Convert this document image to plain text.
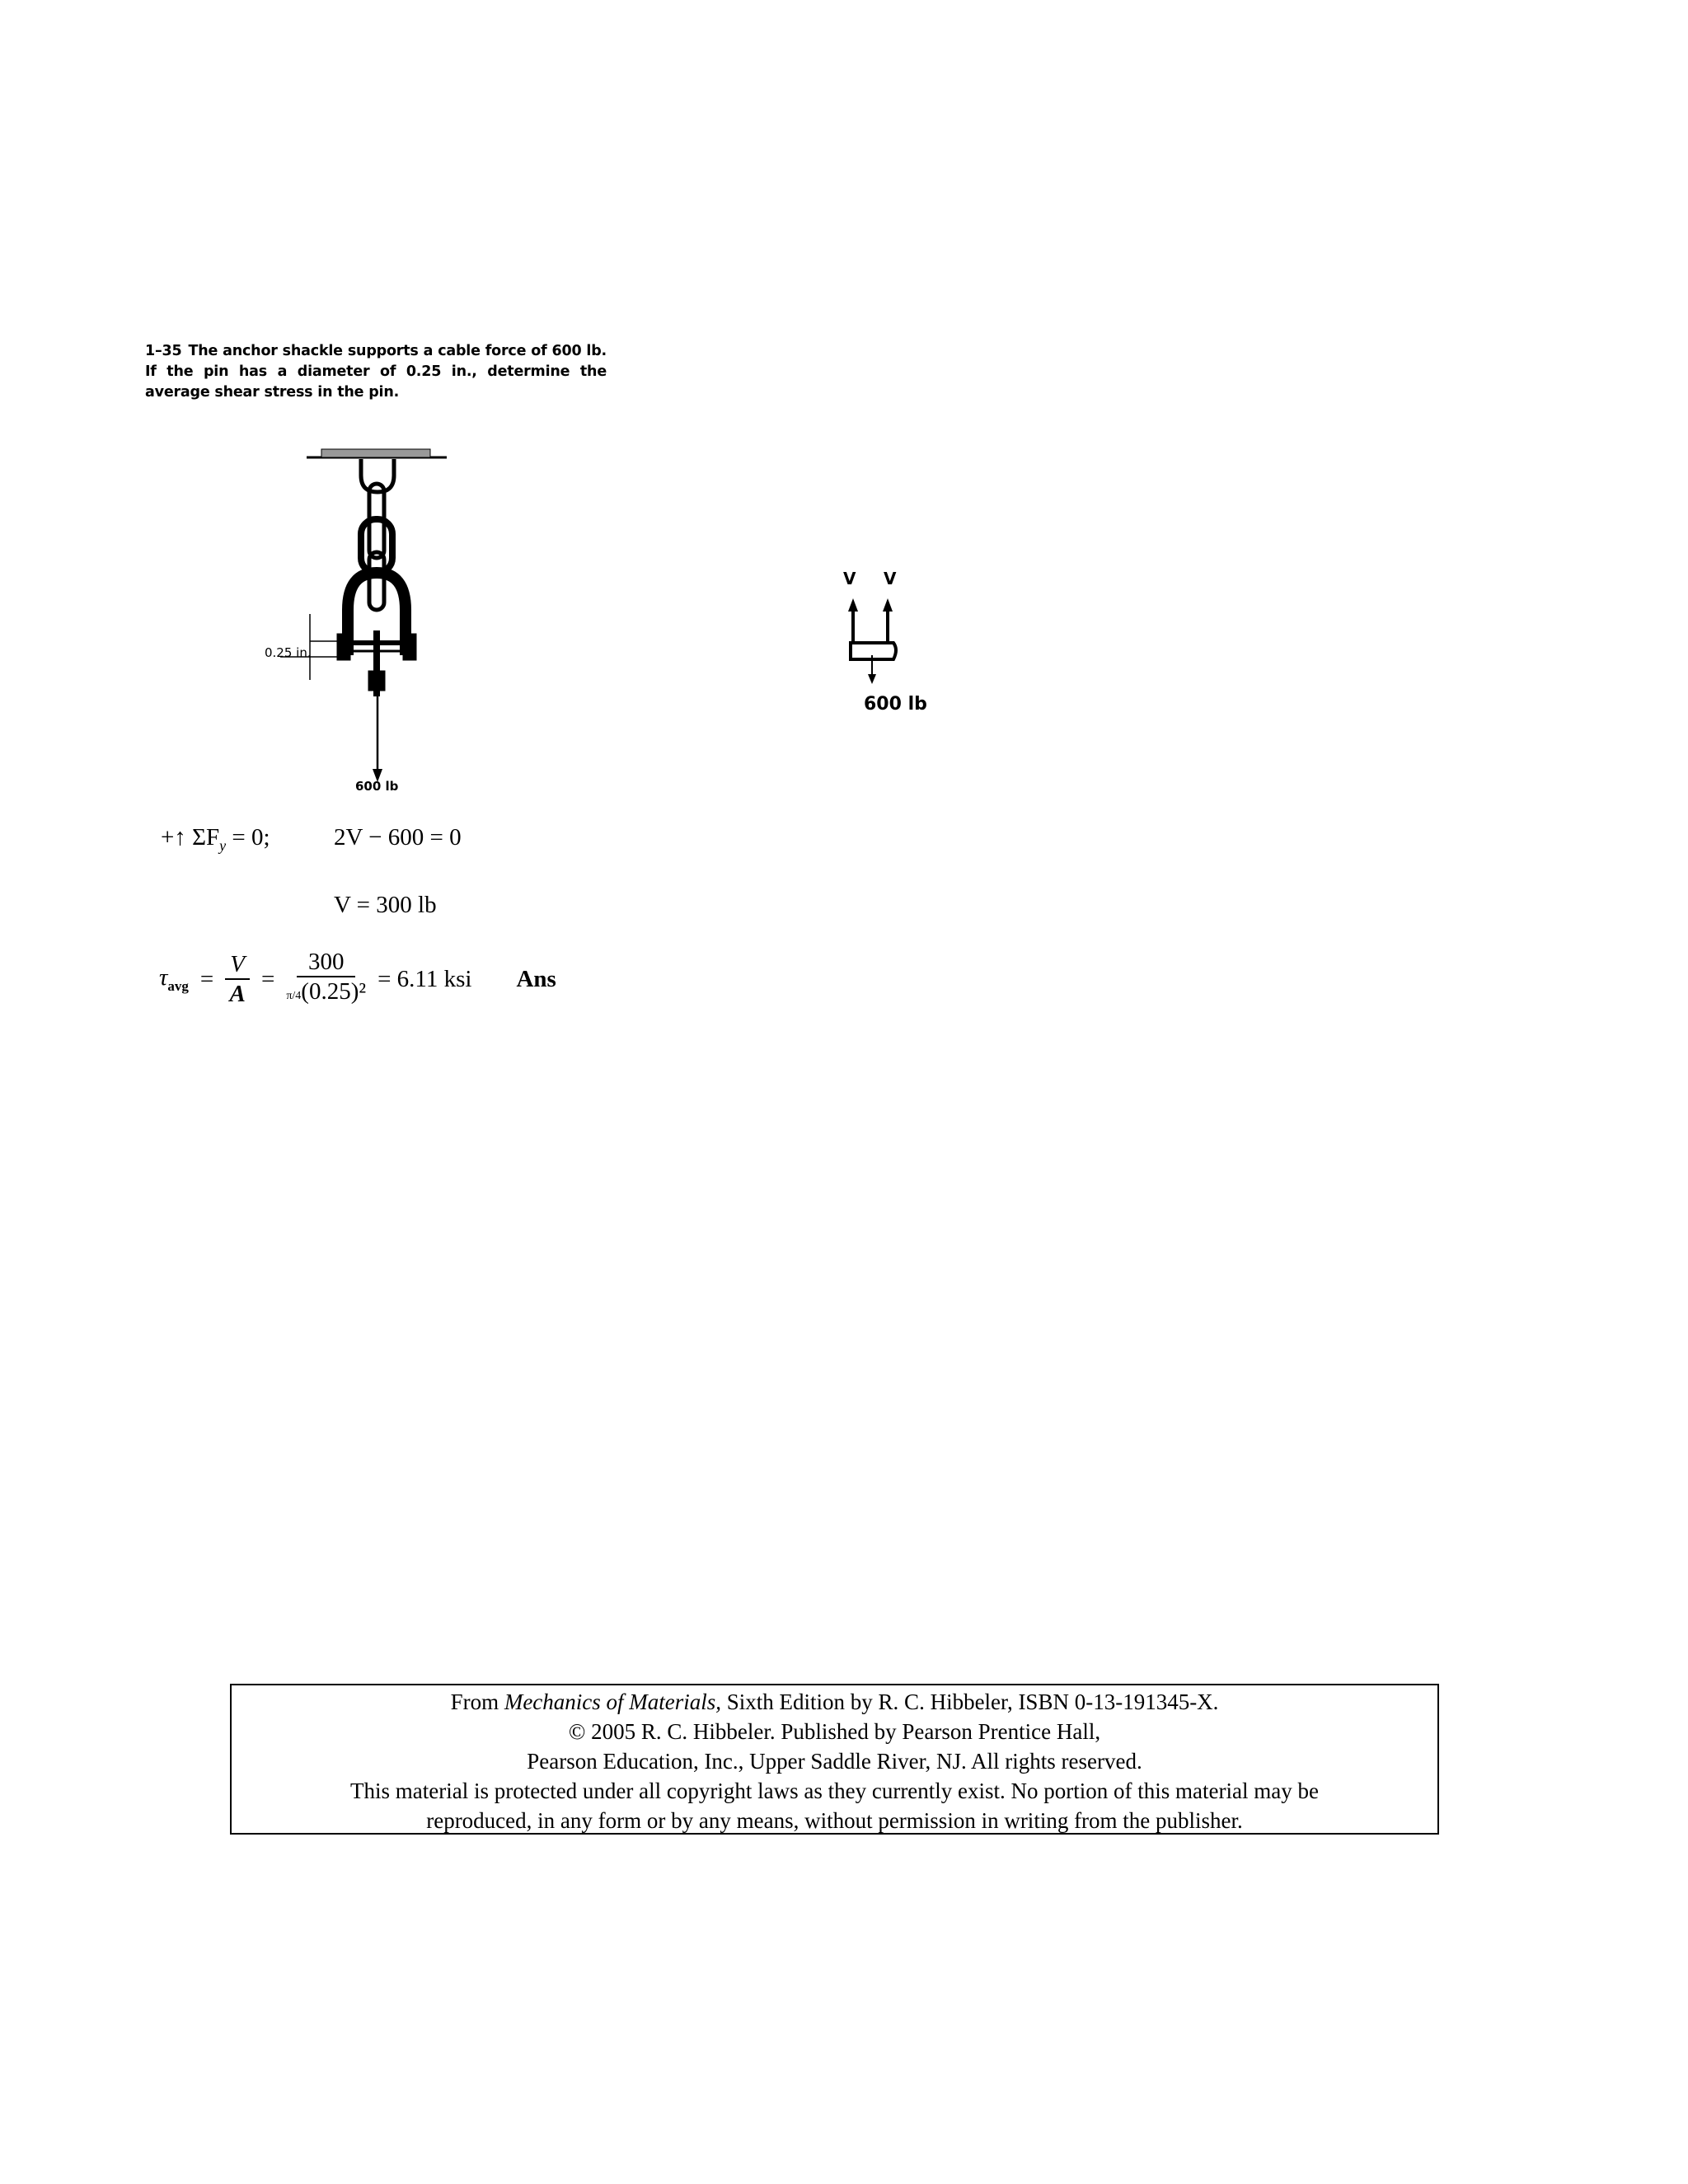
1–35 The anchor shackle supports a cable force of 600 lb. If the pin has a diameter of 0.25 in., determine the average shear stress in the pin.
0.25 in.
600 lb
V V
600 lb
+↑ $\Sigma F_y = 0$;	2V − 600 = 0
V = 300 lb
$\tau_{avg} = \frac{V}{A} = \frac{300}{\text{π/4(0.25)²}} = 6.11$ ksi Ans
From Mechanics of Materials, Sixth Edition by R. C. Hibbeler, ISBN 0-13-191345-X.
© 2005 R. C. Hibbeler. Published by Pearson Prentice Hall,
Pearson Education, Inc., Upper Saddle River, NJ. All rights reserved.
This material is protected under all copyright laws as they currently exist. No portion of this material may be
reproduced, in any form or by any means, without permission in writing from the publisher.
